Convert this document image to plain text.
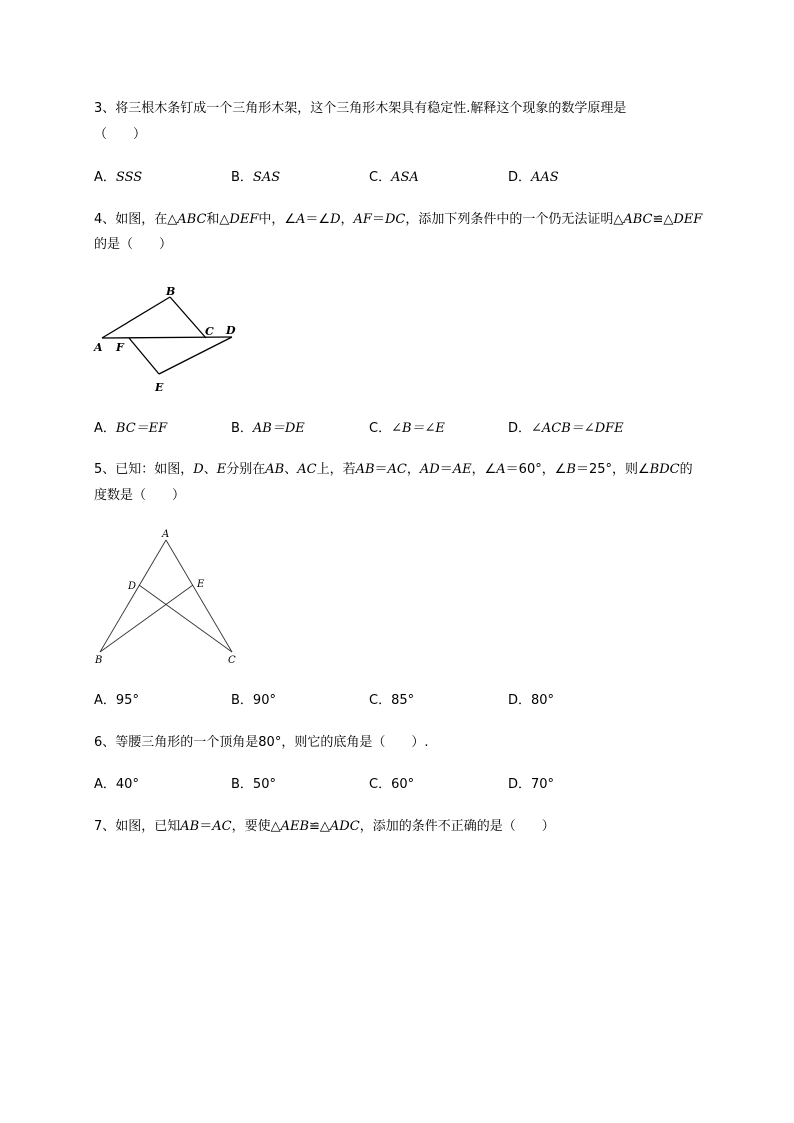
3、将三根木条钉成一个三角形木架，这个三角形木架具有稳定性.解释这个现象的数学原理是
（　　）
A．SSS	B．SAS	C．ASA	D．AAS
4、如图，在△ABC和△DEF中，∠A＝∠D，AF＝DC，添加下列条件中的一个仍无法证明△ABC≌△DEF
的是（　　）
A
B
C D
E
F
A．BC＝EF	B．AB＝DE	C．∠B＝∠E	D．∠ACB＝∠DFE
5、已知：如图，D、E分别在AB、AC上，若AB＝AC，AD＝AE，∠A＝60°，∠B＝25°，则∠BDC的
度数是（　　）
A
B	C
D	E
A．95°	B．90°	C．85°	D．80°
6、等腰三角形的一个顶角是80°，则它的底角是（　　）.
A．40°	B．50°	C．60°	D．70°
7、如图，已知AB＝AC，要使△AEB≌△ADC，添加的条件不正确的是（　　）
